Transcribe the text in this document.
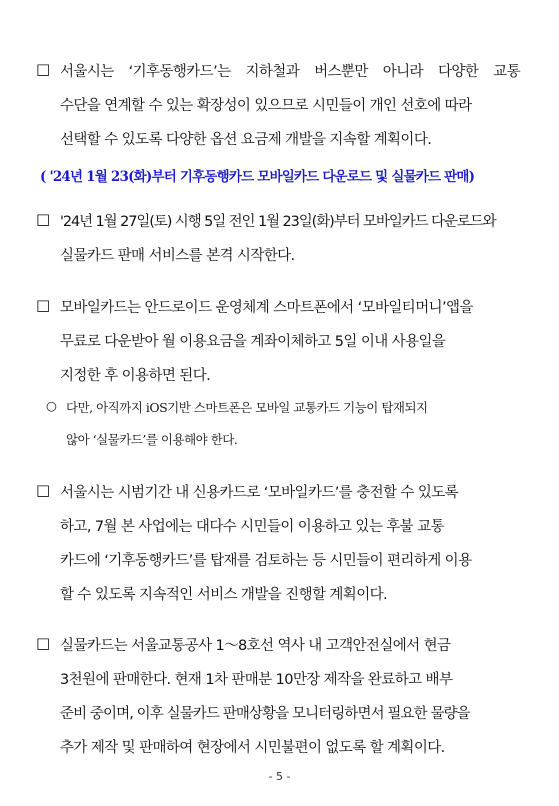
□ 서울시는 ‘기후동행카드’는 지하철과 버스뿐만 아니라 다양한 교통
수단을 연계할 수 있는 확장성이 있으므로 시민들이 개인 선호에 따라
선택할 수 있도록 다양한 옵션 요금제 개발을 지속할 계획이다.
( '24년 1월 23(화)부터 기후동행카드 모바일카드 다운로드 및 실물카드 판매)
□ '24년 1월 27일(토) 시행 5일 전인 1월 23일(화)부터 모바일카드 다운로드와
실물카드 판매 서비스를 본격 시작한다.
□ 모바일카드는 안드로이드 운영체계 스마트폰에서 ‘모바일티머니’앱을
무료로 다운받아 월 이용요금을 계좌이체하고 5일 이내 사용일을
지정한 후 이용하면 된다.
○ 다만, 아직까지 iOS기반 스마트폰은 모바일 교통카드 기능이 탑재되지
않아 ‘실물카드’를 이용해야 한다.
□ 서울시는 시범기간 내 신용카드로 ‘모바일카드’를 충전할 수 있도록
하고, 7월 본 사업에는 대다수 시민들이 이용하고 있는 후불 교통
카드에 ‘기후동행카드’를 탑재를 검토하는 등 시민들이 편리하게 이용
할 수 있도록 지속적인 서비스 개발을 진행할 계획이다.
□ 실물카드는 서울교통공사 1～8호선 역사 내 고객안전실에서 현금
3천원에 판매한다. 현재 1차 판매분 10만장 제작을 완료하고 배부
준비 중이며, 이후 실물카드 판매상황을 모니터링하면서 필요한 물량을
추가 제작 및 판매하여 현장에서 시민불편이 없도록 할 계획이다.
- 5 -
